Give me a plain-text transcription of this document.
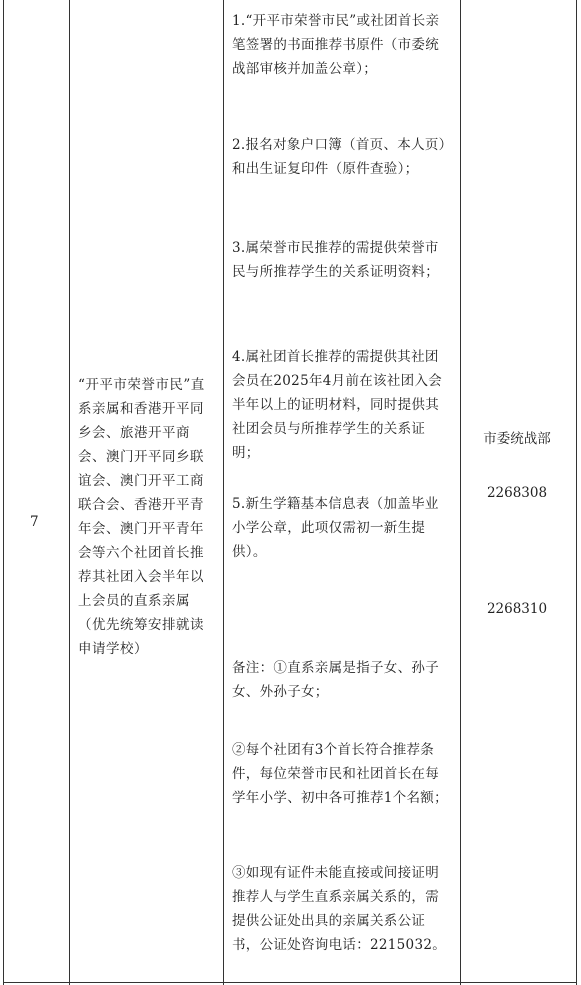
7
“开平市荣誉市民”直系亲属和香港开平同乡会、旅港开平商会、澳门开平同乡联谊会、澳门开平工商联合会、香港开平青年会、澳门开平青年会等六个社团首长推荐其社团入会半年以上会员的直系亲属（优先统筹安排就读申请学校）
1.“开平市荣誉市民”或社团首长亲笔签署的书面推荐书原件（市委统战部审核并加盖公章）；
2.报名对象户口簿（首页、本人页）和出生证复印件（原件查验）；
3.属荣誉市民推荐的需提供荣誉市民与所推荐学生的关系证明资料；
4.属社团首长推荐的需提供其社团会员在2025年4月前在该社团入会半年以上的证明材料，同时提供其社团会员与所推荐学生的关系证明；
5.新生学籍基本信息表（加盖毕业小学公章，此项仅需初一新生提供）。
备注：①直系亲属是指子女、孙子女、外孙子女；
②每个社团有3个首长符合推荐条件，每位荣誉市民和社团首长在每学年小学、初中各可推荐1个名额；
③如现有证件未能直接或间接证明推荐人与学生直系亲属关系的，需提供公证处出具的亲属关系公证书，公证处咨询电话：2215032。
市委统战部
2268308
2268310
